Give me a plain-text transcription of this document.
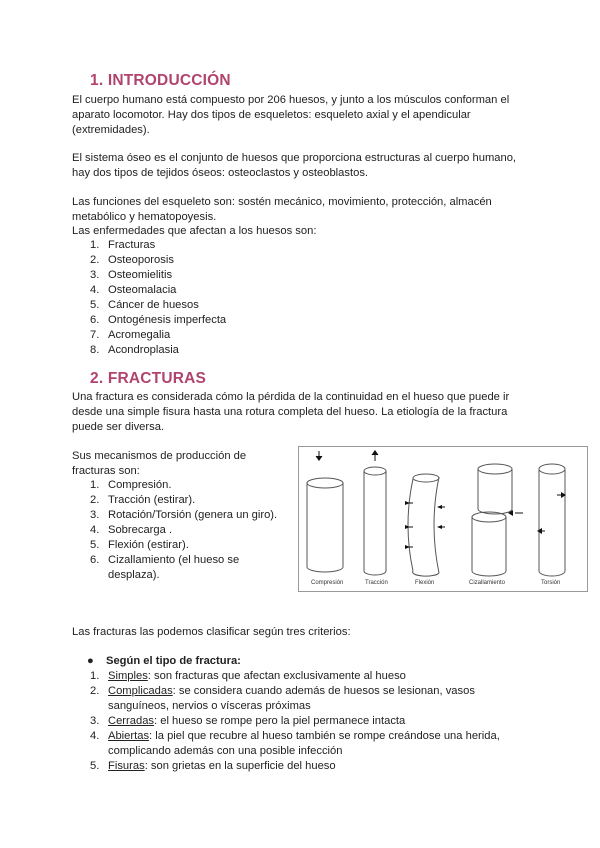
1. INTRODUCCIÓN

El cuerpo humano está compuesto por 206 huesos, y junto a los músculos conforman el aparato locomotor. Hay dos tipos de esqueletos: esqueleto axial y el apendicular (extremidades).

El sistema óseo es el conjunto de huesos que proporciona estructuras al cuerpo humano, hay dos tipos de tejidos óseos: osteoclastos y osteoblastos.

Las funciones del esqueleto son: sostén mecánico, movimiento, protección, almacén metabólico y hematopoyesis.

Las enfermedades que afectan a los huesos son:

1. Fracturas
2. Osteoporosis
3. Osteomielitis
4. Osteomalacia
5. Cáncer de huesos
6. Ontogénesis imperfecta
7. Acromegalia
8. Acondroplasia
2. FRACTURAS

Una fractura es considerada cómo la pérdida de la continuidad en el hueso que puede ir desde una simple fisura hasta una rotura completa del hueso. La etiología de la fractura puede ser diversa.

Sus mecanismos de producción de fracturas son:

1. Compresión.
2. Tracción (estirar).
3. Rotación/Torsión (genera un giro).
4. Sobrecarga .
5. Flexión (estirar).
6. Cizallamiento (el hueso se desplaza).
Compresión	Tracción	Flexión	Cizallamiento	Torsión

Las fracturas las podemos clasificar según tres criterios:

● Según el tipo de fractura:
1. Simples: son fracturas que afectan exclusivamente al hueso
2. Complicadas: se considera cuando además de huesos se lesionan, vasos sanguíneos, nervios o vísceras próximas
3. Cerradas: el hueso se rompe pero la piel permanece intacta
4. Abiertas: la piel que recubre al hueso también se rompe creándose una herida, complicando además con una posible infección
5. Fisuras: son grietas en la superficie del hueso
